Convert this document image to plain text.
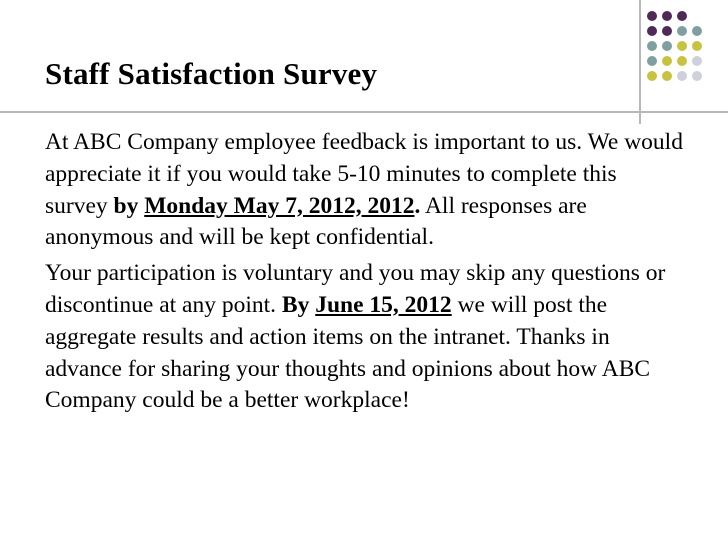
Staff Satisfaction Survey

At ABC Company employee feedback is important to us. We would appreciate it if you would take 5-10 minutes to complete this survey by Monday May 7, 2012, 2012. All responses are anonymous and will be kept confidential.

Your participation is voluntary and you may skip any questions or discontinue at any point. By June 15, 2012 we will post the aggregate results and action items on the intranet. Thanks in advance for sharing your thoughts and opinions about how ABC Company could be a better workplace!
